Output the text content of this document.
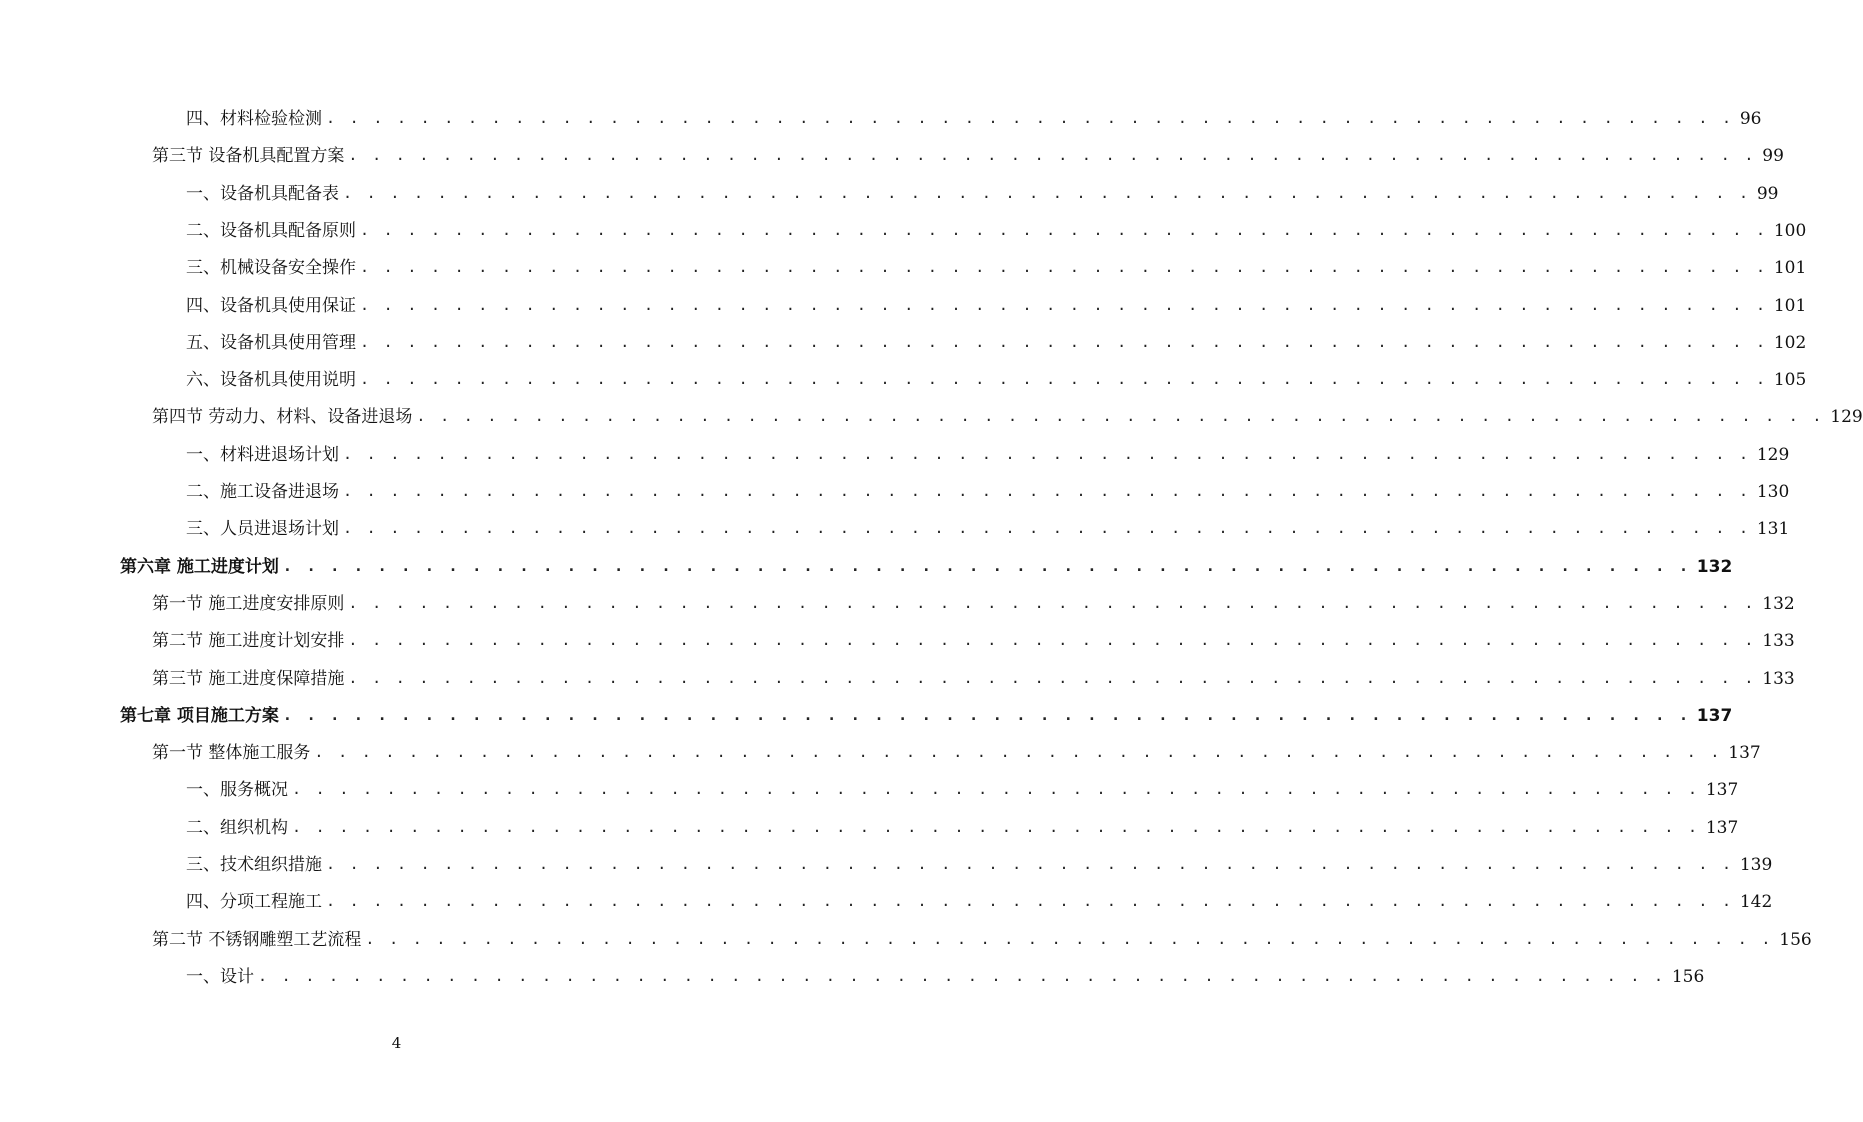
四、材料检验检测 . . . . . . . . . . . . . . . . . . . . . . . . . . . . . . . . . . . . . . . . . . . . . . . . . . . . . . . . . . . . 96
第三节 设备机具配置方案 . . . . . . . . . . . . . . . . . . . . . . . . . . . . . . . . . . . . . . . . . . . . . . . . . . . . . . . . . . . . 99
一、设备机具配备表 . . . . . . . . . . . . . . . . . . . . . . . . . . . . . . . . . . . . . . . . . . . . . . . . . . . . . . . . . . . . 99
二、设备机具配备原则 . . . . . . . . . . . . . . . . . . . . . . . . . . . . . . . . . . . . . . . . . . . . . . . . . . . . . . . . . . . . 100
三、机械设备安全操作 . . . . . . . . . . . . . . . . . . . . . . . . . . . . . . . . . . . . . . . . . . . . . . . . . . . . . . . . . . . . 101
四、设备机具使用保证 . . . . . . . . . . . . . . . . . . . . . . . . . . . . . . . . . . . . . . . . . . . . . . . . . . . . . . . . . . . . 101
五、设备机具使用管理 . . . . . . . . . . . . . . . . . . . . . . . . . . . . . . . . . . . . . . . . . . . . . . . . . . . . . . . . . . . . 102
六、设备机具使用说明 . . . . . . . . . . . . . . . . . . . . . . . . . . . . . . . . . . . . . . . . . . . . . . . . . . . . . . . . . . . . 105
第四节 劳动力、材料、设备进退场 . . . . . . . . . . . . . . . . . . . . . . . . . . . . . . . . . . . . . . . . . . . . . . . . . . . . . . . . . . . . 129
一、材料进退场计划 . . . . . . . . . . . . . . . . . . . . . . . . . . . . . . . . . . . . . . . . . . . . . . . . . . . . . . . . . . . . 129
二、施工设备进退场 . . . . . . . . . . . . . . . . . . . . . . . . . . . . . . . . . . . . . . . . . . . . . . . . . . . . . . . . . . . . 130
三、人员进退场计划 . . . . . . . . . . . . . . . . . . . . . . . . . . . . . . . . . . . . . . . . . . . . . . . . . . . . . . . . . . . . 131
第六章 施工进度计划 . . . . . . . . . . . . . . . . . . . . . . . . . . . . . . . . . . . . . . . . . . . . . . . . . . . . . . . . . . . . 132
第一节 施工进度安排原则 . . . . . . . . . . . . . . . . . . . . . . . . . . . . . . . . . . . . . . . . . . . . . . . . . . . . . . . . . . . . 132
第二节 施工进度计划安排 . . . . . . . . . . . . . . . . . . . . . . . . . . . . . . . . . . . . . . . . . . . . . . . . . . . . . . . . . . . . 133
第三节 施工进度保障措施 . . . . . . . . . . . . . . . . . . . . . . . . . . . . . . . . . . . . . . . . . . . . . . . . . . . . . . . . . . . . 133
第七章 项目施工方案 . . . . . . . . . . . . . . . . . . . . . . . . . . . . . . . . . . . . . . . . . . . . . . . . . . . . . . . . . . . . 137
第一节 整体施工服务 . . . . . . . . . . . . . . . . . . . . . . . . . . . . . . . . . . . . . . . . . . . . . . . . . . . . . . . . . . . . 137
一、服务概况 . . . . . . . . . . . . . . . . . . . . . . . . . . . . . . . . . . . . . . . . . . . . . . . . . . . . . . . . . . . . 137
二、组织机构 . . . . . . . . . . . . . . . . . . . . . . . . . . . . . . . . . . . . . . . . . . . . . . . . . . . . . . . . . . . . 137
三、技术组织措施 . . . . . . . . . . . . . . . . . . . . . . . . . . . . . . . . . . . . . . . . . . . . . . . . . . . . . . . . . . . . 139
四、分项工程施工 . . . . . . . . . . . . . . . . . . . . . . . . . . . . . . . . . . . . . . . . . . . . . . . . . . . . . . . . . . . . 142
第二节 不锈钢雕塑工艺流程 . . . . . . . . . . . . . . . . . . . . . . . . . . . . . . . . . . . . . . . . . . . . . . . . . . . . . . . . . . . . 156
一、设计 . . . . . . . . . . . . . . . . . . . . . . . . . . . . . . . . . . . . . . . . . . . . . . . . . . . . . . . . . . . . 156
4
